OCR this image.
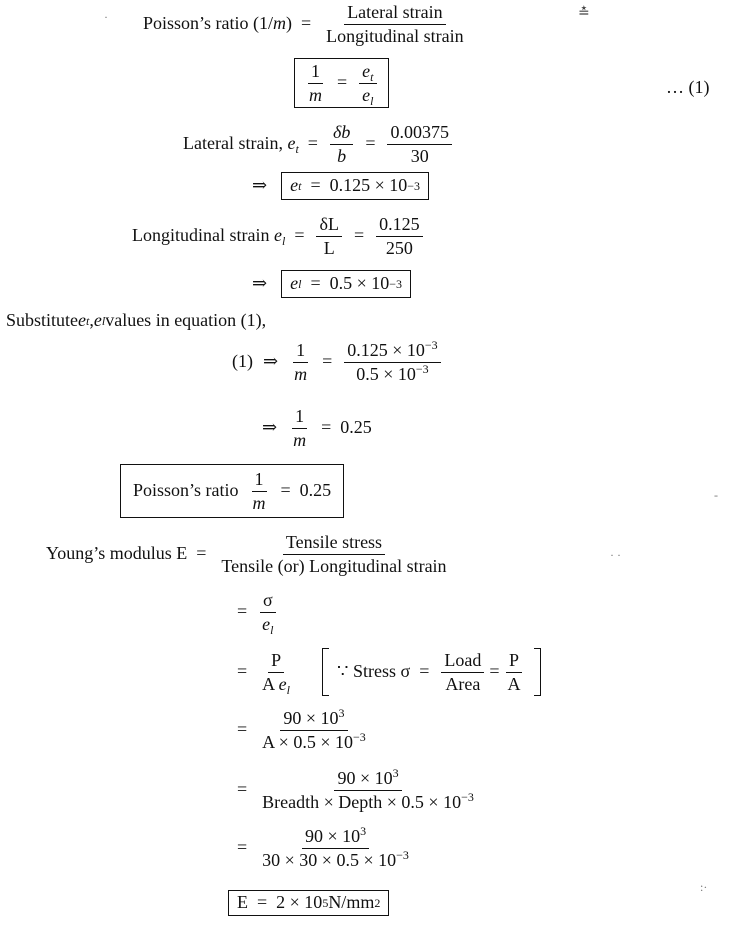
Poisson’s ratio $(1/m) = \frac{\text{Lateral strain}}{\text{Longitudinal strain}}$
·	≛
$\frac{1}{m} = \frac{e_t}{e_l}$	… (1)
Lateral strain, $e_t = \frac{\delta b}{b} = \frac{0.00375}{30}$
⇒ e t = 0.125 × 10 −3
Longitudinal strain $e_l = \frac{\delta L}{L} = \frac{0.125}{250}$
⇒ e l = 0.5 × 10 −3
Substitute e t , e l values in equation (1),
(1) ⇒ $\frac{1}{m} = \frac{0.125 \times 10^{-3}}{0.5 \times 10^{-3}}$
⇒ $\frac{1}{m} = 0.25$
Poisson’s ratio $\frac{1}{m} = 0.25$
Young’s modulus $E = \frac{\text{Tensile stress}}{\text{Tensile (or) Longitudinal strain}}$
= $\frac{\sigma}{e_l}$
= $\frac{P}{A e_l}$ ∵ Stress $\sigma = \frac{\text{Load}}{\text{Area}} = \frac{P}{A}$
= $\frac{90 \times 10^3}{A \times 0.5 \times 10^{-3}}$
= $\frac{90 \times 10^3}{Breadth \times Depth \times 0.5 \times 10^{-3}}$
= $\frac{90 \times 10^3}{30 \times 30 \times 0.5 \times 10^{-3}}$
E = 2 × 10 5 N/mm 2
· ·
-
:·
